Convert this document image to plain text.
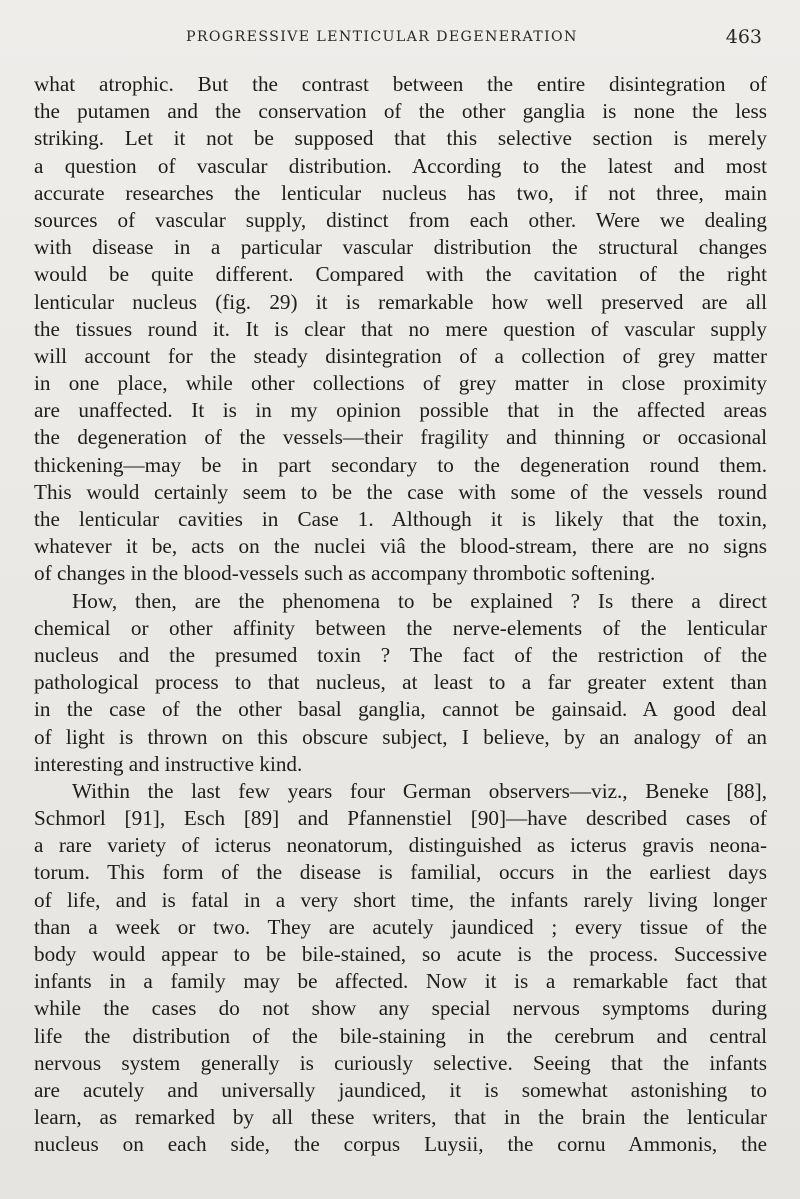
PROGRESSIVE LENTICULAR DEGENERATION	463
what atrophic. But the contrast between the entire disintegration of
the putamen and the conservation of the other ganglia is none the less
striking. Let it not be supposed that this selective section is merely
a question of vascular distribution. According to the latest and most
accurate researches the lenticular nucleus has two, if not three, main
sources of vascular supply, distinct from each other. Were we dealing
with disease in a particular vascular distribution the structural changes
would be quite different. Compared with the cavitation of the right
lenticular nucleus (fig. 29) it is remarkable how well preserved are all
the tissues round it. It is clear that no mere question of vascular supply
will account for the steady disintegration of a collection of grey matter
in one place, while other collections of grey matter in close proximity
are unaffected. It is in my opinion possible that in the affected areas
the degeneration of the vessels—their fragility and thinning or occasional
thickening—may be in part secondary to the degeneration round them.
This would certainly seem to be the case with some of the vessels round
the lenticular cavities in Case 1. Although it is likely that the toxin,
whatever it be, acts on the nuclei viâ the blood-stream, there are no signs
of changes in the blood-vessels such as accompany thrombotic softening.
How, then, are the phenomena to be explained ? Is there a direct
chemical or other affinity between the nerve-elements of the lenticular
nucleus and the presumed toxin ? The fact of the restriction of the
pathological process to that nucleus, at least to a far greater extent than
in the case of the other basal ganglia, cannot be gainsaid. A good deal
of light is thrown on this obscure subject, I believe, by an analogy of an
interesting and instructive kind.
Within the last few years four German observers—viz., Beneke [88],
Schmorl [91], Esch [89] and Pfannenstiel [90]—have described cases of
a rare variety of icterus neonatorum, distinguished as icterus gravis neona-
torum. This form of the disease is familial, occurs in the earliest days
of life, and is fatal in a very short time, the infants rarely living longer
than a week or two. They are acutely jaundiced ; every tissue of the
body would appear to be bile-stained, so acute is the process. Successive
infants in a family may be affected. Now it is a remarkable fact that
while the cases do not show any special nervous symptoms during
life the distribution of the bile-staining in the cerebrum and central
nervous system generally is curiously selective. Seeing that the infants
are acutely and universally jaundiced, it is somewhat astonishing to
learn, as remarked by all these writers, that in the brain the lenticular
nucleus on each side, the corpus Luysii, the cornu Ammonis, the
